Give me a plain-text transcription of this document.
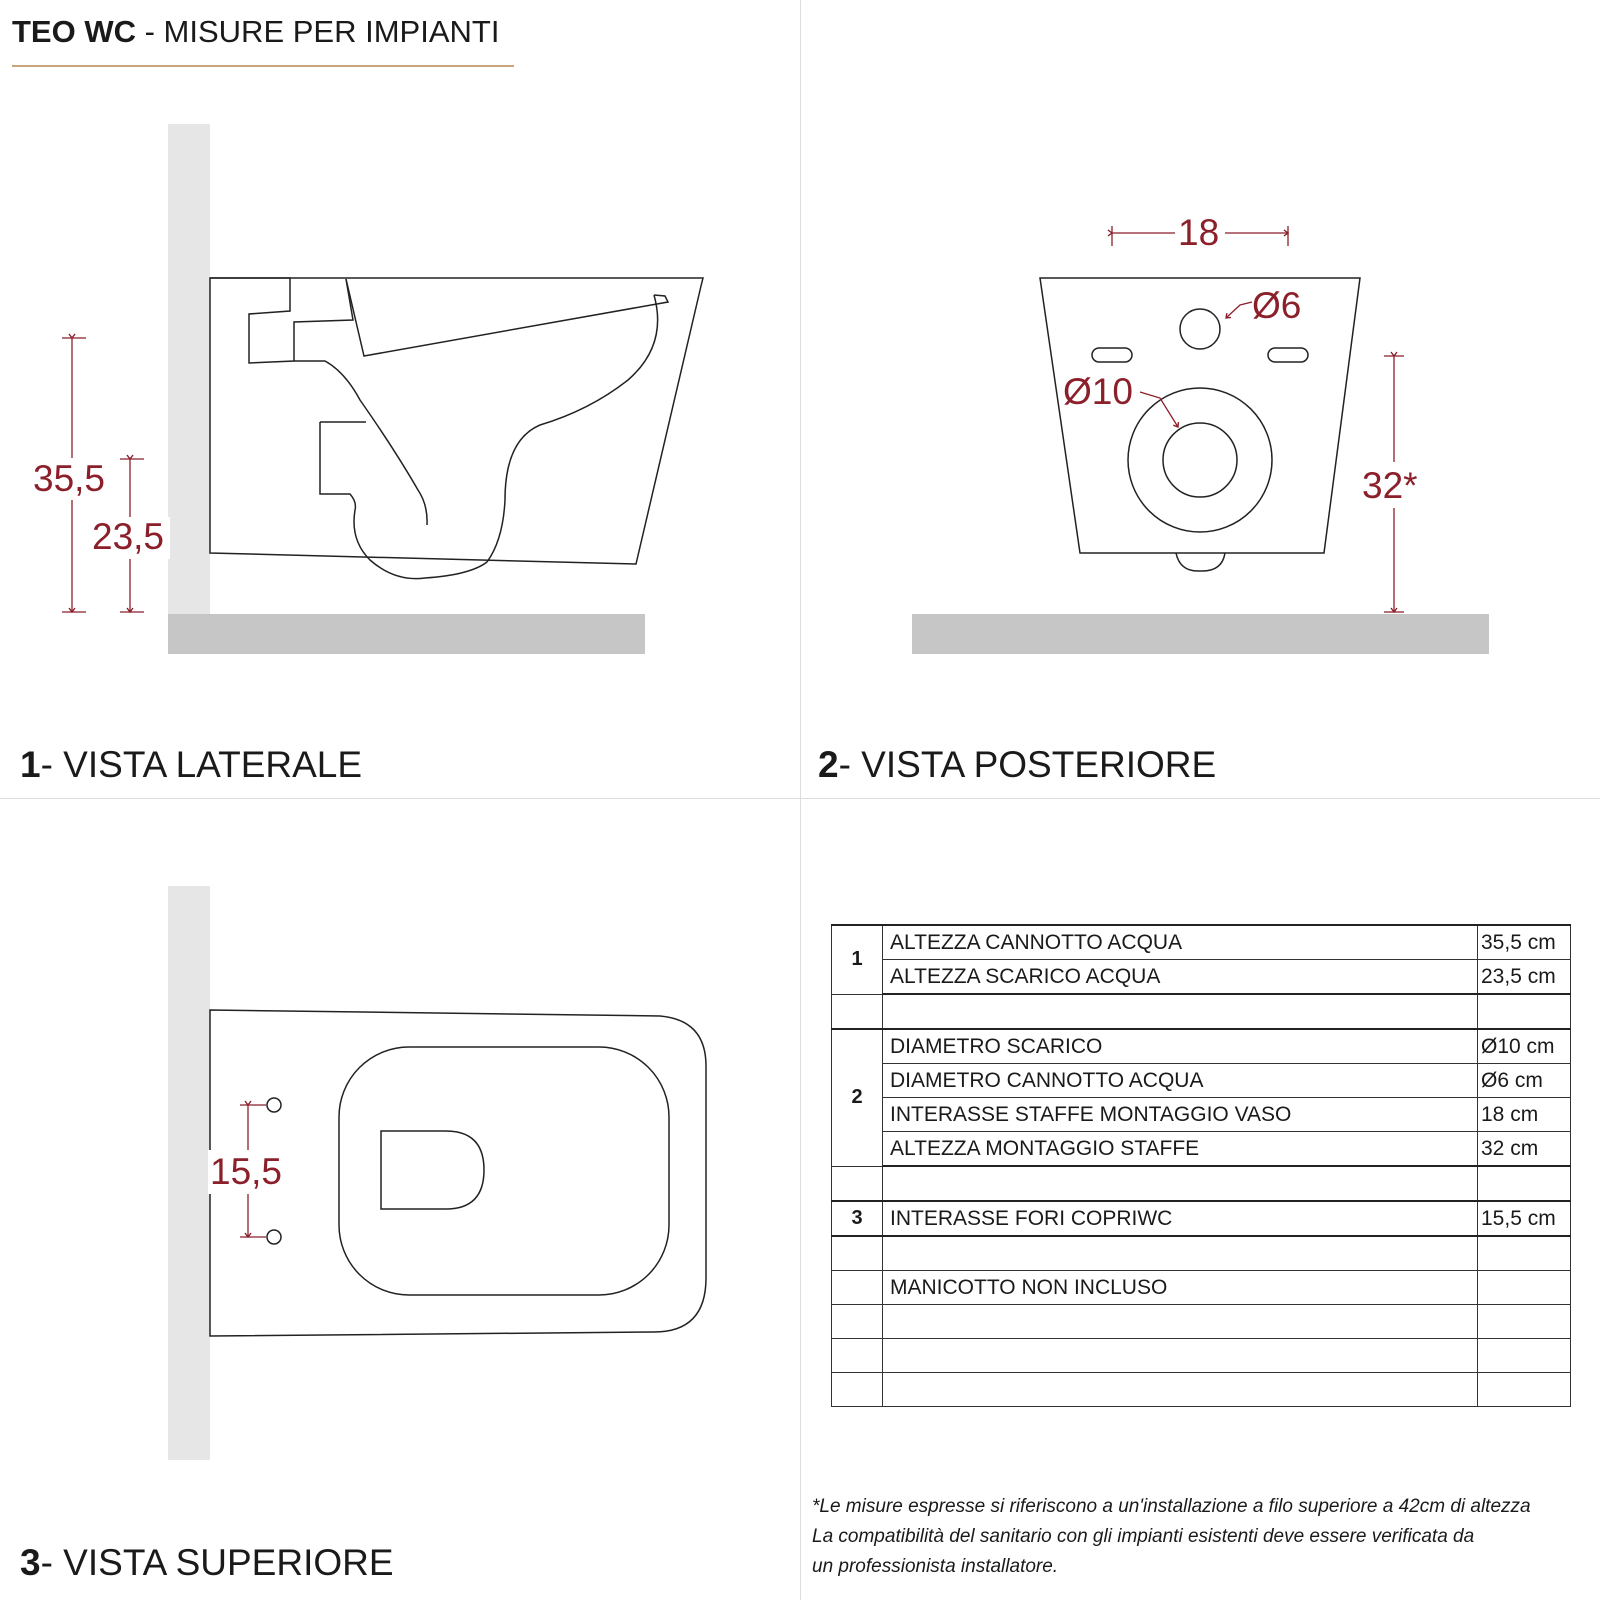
TEO WC - MISURE PER IMPIANTI
35,5
23,5
18
Ø6
Ø10
32*
15,5
1- VISTA LATERALE	2- VISTA POSTERIORE
3- VISTA SUPERIORE
1	ALTEZZA CANNOTTO ACQUA	35,5 cm
	ALTEZZA SCARICO ACQUA	23,5 cm

2	DIAMETRO SCARICO	Ø10 cm
	DIAMETRO CANNOTTO ACQUA	Ø6 cm
	INTERASSE STAFFE MONTAGGIO VASO	18 cm
	ALTEZZA MONTAGGIO STAFFE	32 cm

3	INTERASSE FORI COPRIWC	15,5 cm

	MANICOTTO NON INCLUSO	

*Le misure espresse si riferiscono a un'installazione a filo superiore a 42cm di altezza
La compatibilità del sanitario con gli impianti esistenti deve essere verificata da
un professionista installatore.
